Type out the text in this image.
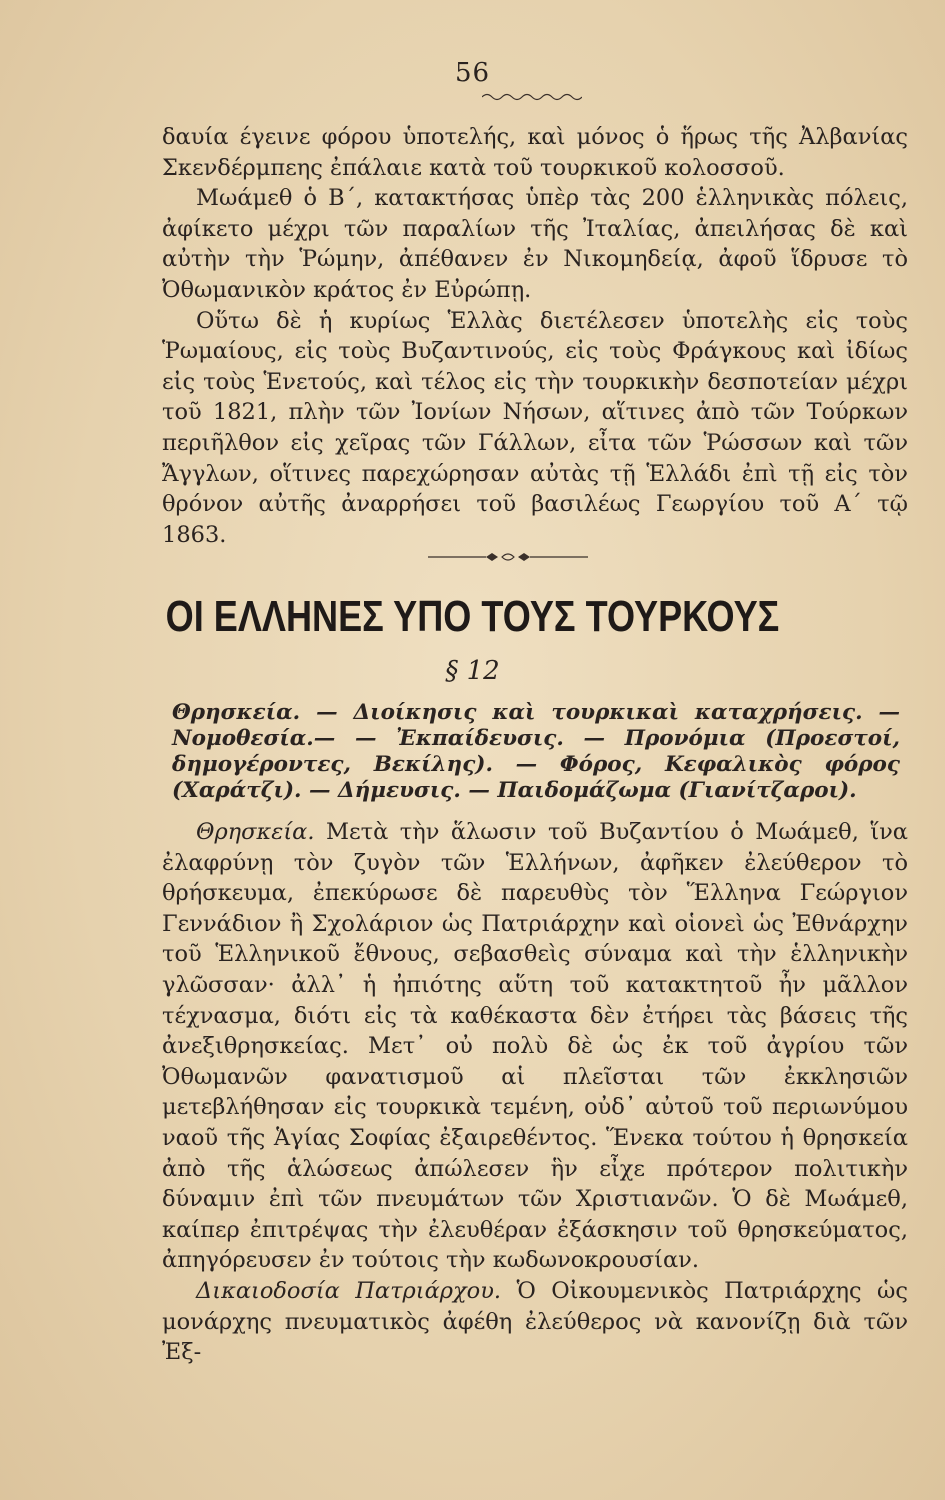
56

δαυία έγεινε φόρου ὑποτελής, καὶ μόνος ὁ ἥρως τῆς Ἀλβανίας Σκενδέρμπεης ἐπάλαιε κατὰ τοῦ τουρκικοῦ κολοσσοῦ.

Μωάμεθ ὁ Β΄, κατακτήσας ὑπὲρ τὰς 200 ἑλληνικὰς πόλεις, ἀφίκετο μέχρι τῶν παραλίων τῆς Ἰταλίας, ἀπειλήσας δὲ καὶ αὐτὴν τὴν Ῥώμην, ἀπέθανεν ἐν Νικομηδείᾳ, ἀφοῦ ἵδρυσε τὸ Ὀθωμανικὸν κράτος ἐν Εὐρώπῃ.

Οὕτω δὲ ἡ κυρίως Ἑλλὰς διετέλεσεν ὑποτελὴς εἰς τοὺς Ῥωμαίους, εἰς τοὺς Βυζαντινούς, εἰς τοὺς Φράγκους καὶ ἰδίως εἰς τοὺς Ἑνετούς, καὶ τέλος εἰς τὴν τουρκικὴν δεσποτείαν μέχρι τοῦ 1821, πλὴν τῶν Ἰονίων Νήσων, αἵτινες ἀπὸ τῶν Τούρκων περιῆλθον εἰς χεῖρας τῶν Γάλλων, εἶτα τῶν Ῥώσσων καὶ τῶν Ἄγγλων, οἵτινες παρεχώρησαν αὐτὰς τῇ Ἑλλάδι ἐπὶ τῇ εἰς τὸν θρόνον αὐτῆς ἀναρρήσει τοῦ βασιλέως Γεωργίου τοῦ Α΄ τῷ 1863.

ΟΙ ΕΛΛΗΝΕΣ ΥΠΟ ΤΟΥΣ ΤΟΥΡΚΟΥΣ
§ 12

Θρησκεία. — Διοίκησις καὶ τουρκικαὶ καταχρήσεις. — Νομοθεσία.— — Ἐκπαίδευσις. — Προνόμια (Προεστοί, δημογέροντες, Βεκίλης). — Φόρος, Κεφαλικὸς φόρος (Χαράτζι). — Δήμευσις. — Παιδομάζωμα (Γιανίτζαροι).

Θρησκεία. Μετὰ τὴν ἅλωσιν τοῦ Βυζαντίου ὁ Μωάμεθ, ἵνα ἐλαφρύνῃ τὸν ζυγὸν τῶν Ἑλλήνων, ἀφῆκεν ἐλεύθερον τὸ θρήσκευμα, ἐπεκύρωσε δὲ παρευθὺς τὸν Ἕλληνα Γεώργιον Γεννάδιον ἢ Σχολάριον ὡς Πατριάρχην καὶ οἱονεὶ ὡς Ἐθνάρχην τοῦ Ἑλληνικοῦ ἔθνους, σεβασθεὶς σύναμα καὶ τὴν ἑλληνικὴν γλῶσσαν· ἀλλ᾽ ἡ ἠπιότης αὕτη τοῦ κατακτητοῦ ἦν μᾶλλον τέχνασμα, διότι εἰς τὰ καθέκαστα δὲν ἐτήρει τὰς βάσεις τῆς ἀνεξιθρησκείας. Μετ᾽ οὐ πολὺ δὲ ὡς ἐκ τοῦ ἀγρίου τῶν Ὀθωμανῶν φανατισμοῦ αἱ πλεῖσται τῶν ἐκκλησιῶν μετεβλήθησαν εἰς τουρκικὰ τεμένη, οὐδ᾽ αὐτοῦ τοῦ περιωνύμου ναοῦ τῆς Ἁγίας Σοφίας ἐξαιρεθέντος. Ἕνεκα τούτου ἡ θρησκεία ἀπὸ τῆς ἁλώσεως ἀπώλεσεν ἣν εἶχε πρότερον πολιτικὴν δύναμιν ἐπὶ τῶν πνευμάτων τῶν Χριστιανῶν. Ὁ δὲ Μωάμεθ, καίπερ ἐπιτρέψας τὴν ἐλευθέραν ἐξάσκησιν τοῦ θρησκεύματος, ἀπηγόρευσεν ἐν τούτοις τὴν κωδωνοκρουσίαν.

Δικαιοδοσία Πατριάρχου. Ὁ Οἰκουμενικὸς Πατριάρχης ὡς μονάρχης πνευματικὸς ἀφέθη ἐλεύθερος νὰ κανονίζῃ διὰ τῶν Ἐξ-
